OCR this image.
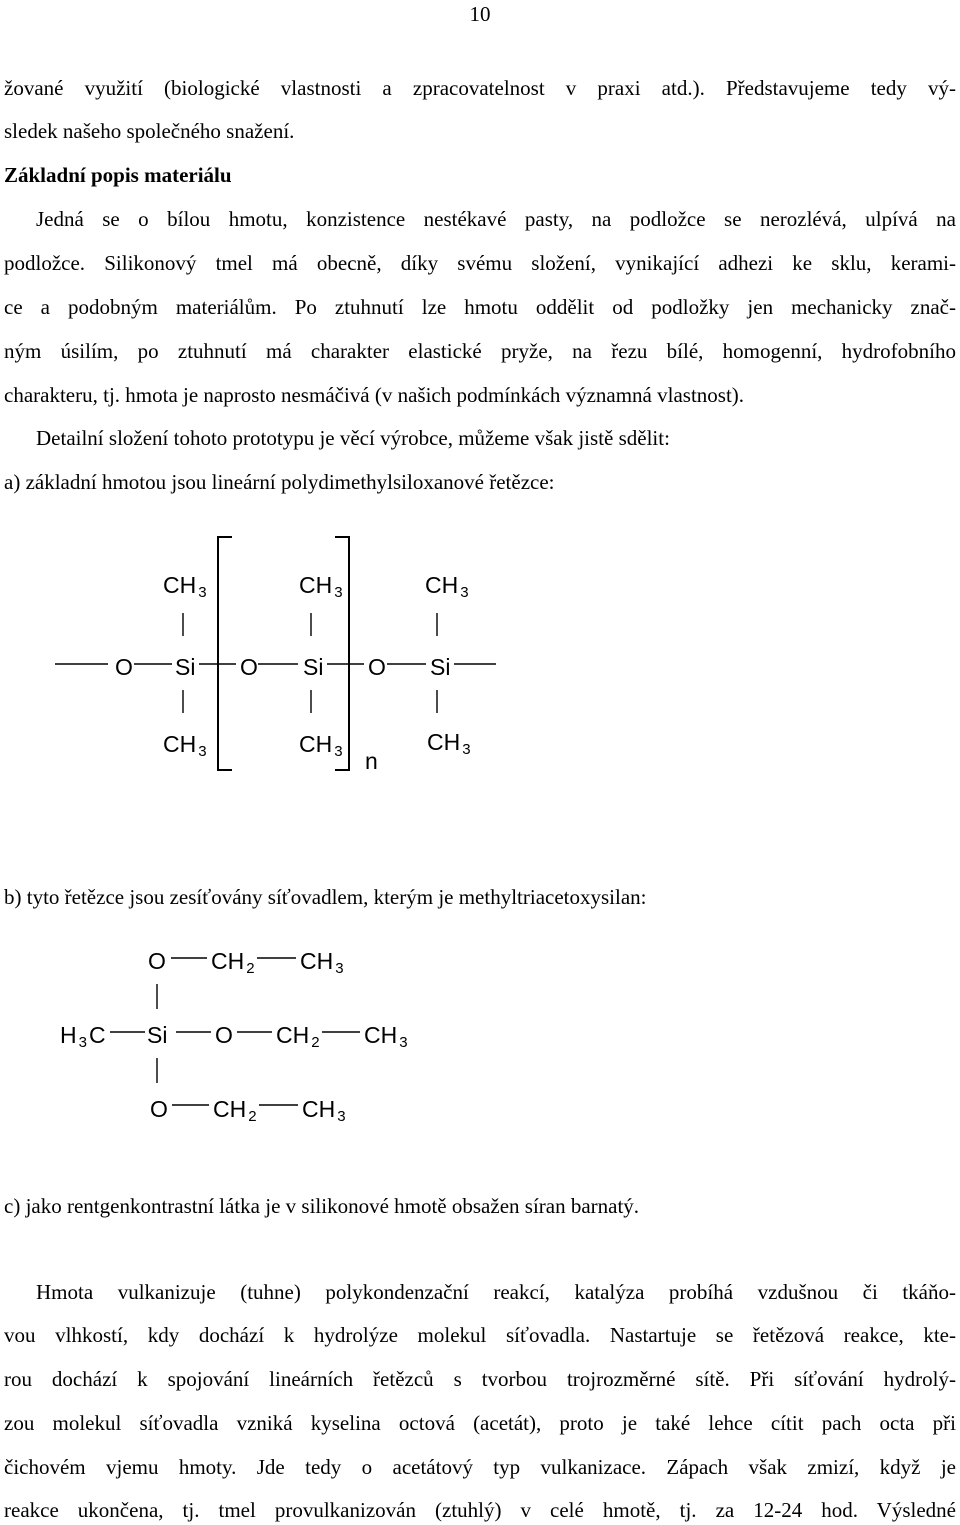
10
žované využití (biologické vlastnosti a zpracovatelnost v praxi atd.). Představujeme tedy vý-
sledek našeho společného snažení.
Základní popis materiálu
Jedná se o bílou hmotu, konzistence nestékavé pasty, na podložce se nerozlévá, ulpívá na
podložce. Silikonový tmel má obecně, díky svému složení, vynikající adhezi ke sklu, kerami-
ce a podobným materiálům. Po ztuhnutí lze hmotu oddělit od podložky jen mechanicky znač-
ným úsilím, po ztuhnutí má charakter elastické pryže, na řezu bílé, homogenní, hydrofobního
charakteru, tj. hmota je naprosto nesmáčivá (v našich podmínkách významná vlastnost).
Detailní složení tohoto prototypu je věcí výrobce, můžeme však jistě sdělit:
a) základní hmotou jsou lineární polydimethylsiloxanové řetězce:
CH 3	CH 3	CH 3
O Si O Si O Si
CH 3	CH 3	CH 3
n
b) tyto řetězce jsou zesíťovány síťovadlem, kterým je methyltriacetoxysilan:
O CH 2 CH 3
H 3C Si O CH 2 CH 3
O CH 2 CH 3
c) jako rentgenkontrastní látka je v silikonové hmotě obsažen síran barnatý.
Hmota vulkanizuje (tuhne) polykondenzační reakcí, katalýza probíhá vzdušnou či tkáňo-
vou vlhkostí, kdy dochází k hydrolýze molekul síťovadla. Nastartuje se řetězová reakce, kte-
rou dochází k spojování lineárních řetězců s tvorbou trojrozměrné sítě. Při síťování hydrolý-
zou molekul síťovadla vzniká kyselina octová (acetát), proto je také lehce cítit pach octa při
čichovém vjemu hmoty. Jde tedy o acetátový typ vulkanizace. Zápach však zmizí, když je
reakce ukončena, tj. tmel provulkanizován (ztuhlý) v celé hmotě, tj. za 12-24 hod. Výsledné
